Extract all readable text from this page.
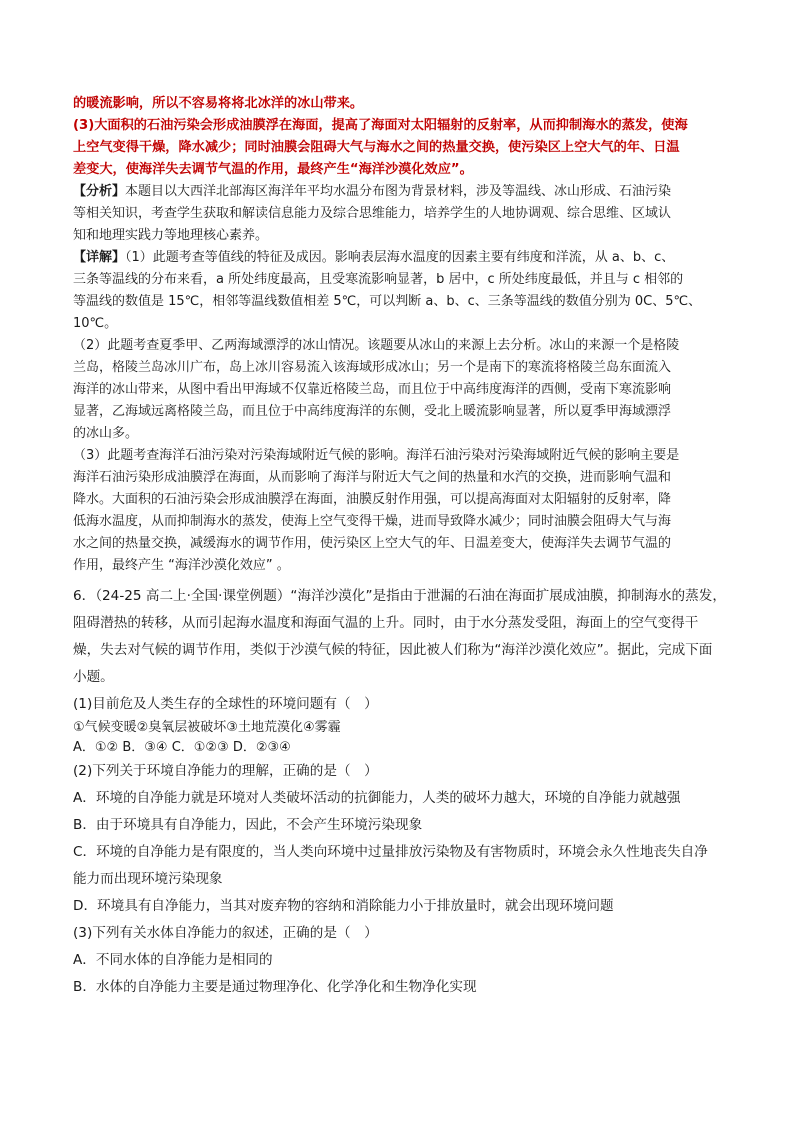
的暖流影响，所以不容易将将北冰洋的冰山带来。

(3)大面积的石油污染会形成油膜浮在海面，提高了海面对太阳辐射的反射率，从而抑制海水的蒸发，使海

上空气变得干燥，降水减少；同时油膜会阻碍大气与海水之间的热量交换，使污染区上空大气的年、日温

差变大，使海洋失去调节气温的作用，最终产生“海洋沙漠化效应”。

【分析】本题目以大西洋北部海区海洋年平均水温分布图为背景材料，涉及等温线、冰山形成、石油污染

等相关知识，考查学生获取和解读信息能力及综合思维能力，培养学生的人地协调观、综合思维、区域认

知和地理实践力等地理核心素养。

【详解】（1）此题考查等值线的特征及成因。影响表层海水温度的因素主要有纬度和洋流，从 a、b、c、

三条等温线的分布来看，a 所处纬度最高，且受寒流影响显著，b 居中，c 所处纬度最低，并且与 c 相邻的

等温线的数值是 15℃，相邻等温线数值相差 5℃，可以判断 a、b、c、三条等温线的数值分别为 0C、5℃、

10℃。

（2）此题考查夏季甲、乙两海域漂浮的冰山情况。该题要从冰山的来源上去分析。冰山的来源一个是格陵

兰岛，格陵兰岛冰川广布，岛上冰川容易流入该海域形成冰山；另一个是南下的寒流将格陵兰岛东面流入

海洋的冰山带来，从图中看出甲海域不仅靠近格陵兰岛，而且位于中高纬度海洋的西侧，受南下寒流影响

显著，乙海域远离格陵兰岛，而且位于中高纬度海洋的东侧，受北上暖流影响显著，所以夏季甲海域漂浮

的冰山多。

（3）此题考查海洋石油污染对污染海域附近气候的影响。海洋石油污染对污染海域附近气候的影响主要是

海洋石油污染形成油膜浮在海面，从而影响了海洋与附近大气之间的热量和水汽的交换，进而影响气温和

降水。大面积的石油污染会形成油膜浮在海面，油膜反射作用强，可以提高海面对太阳辐射的反射率，降

低海水温度，从而抑制海水的蒸发，使海上空气变得干燥，进而导致降水减少；同时油膜会阻碍大气与海

水之间的热量交换，减缓海水的调节作用，使污染区上空大气的年、日温差变大，使海洋失去调节气温的

作用，最终产生 “海洋沙漠化效应” 。

6．（24-25 高二上·全国·课堂例题）“海洋沙漠化”是指由于泄漏的石油在海面扩展成油膜，抑制海水的蒸发，

阻碍潜热的转移，从而引起海水温度和海面气温的上升。同时，由于水分蒸发受阻，海面上的空气变得干

燥，失去对气候的调节作用，类似于沙漠气候的特征，因此被人们称为“海洋沙漠化效应”。据此，完成下面

小题。

(1)目前危及人类生存的全球性的环境问题有（　）

①气候变暖②臭氧层被破坏③土地荒漠化④雾霾

A．①② B．③④ C．①②③ D．②③④

(2)下列关于环境自净能力的理解，正确的是（　）

A．环境的自净能力就是环境对人类破坏活动的抗御能力，人类的破坏力越大，环境的自净能力就越强

B．由于环境具有自净能力，因此，不会产生环境污染现象

C．环境的自净能力是有限度的，当人类向环境中过量排放污染物及有害物质时，环境会永久性地丧失自净

能力而出现环境污染现象

D．环境具有自净能力，当其对废弃物的容纳和消除能力小于排放量时，就会出现环境问题

(3)下列有关水体自净能力的叙述，正确的是（　）

A．不同水体的自净能力是相同的

B．水体的自净能力主要是通过物理净化、化学净化和生物净化实现
